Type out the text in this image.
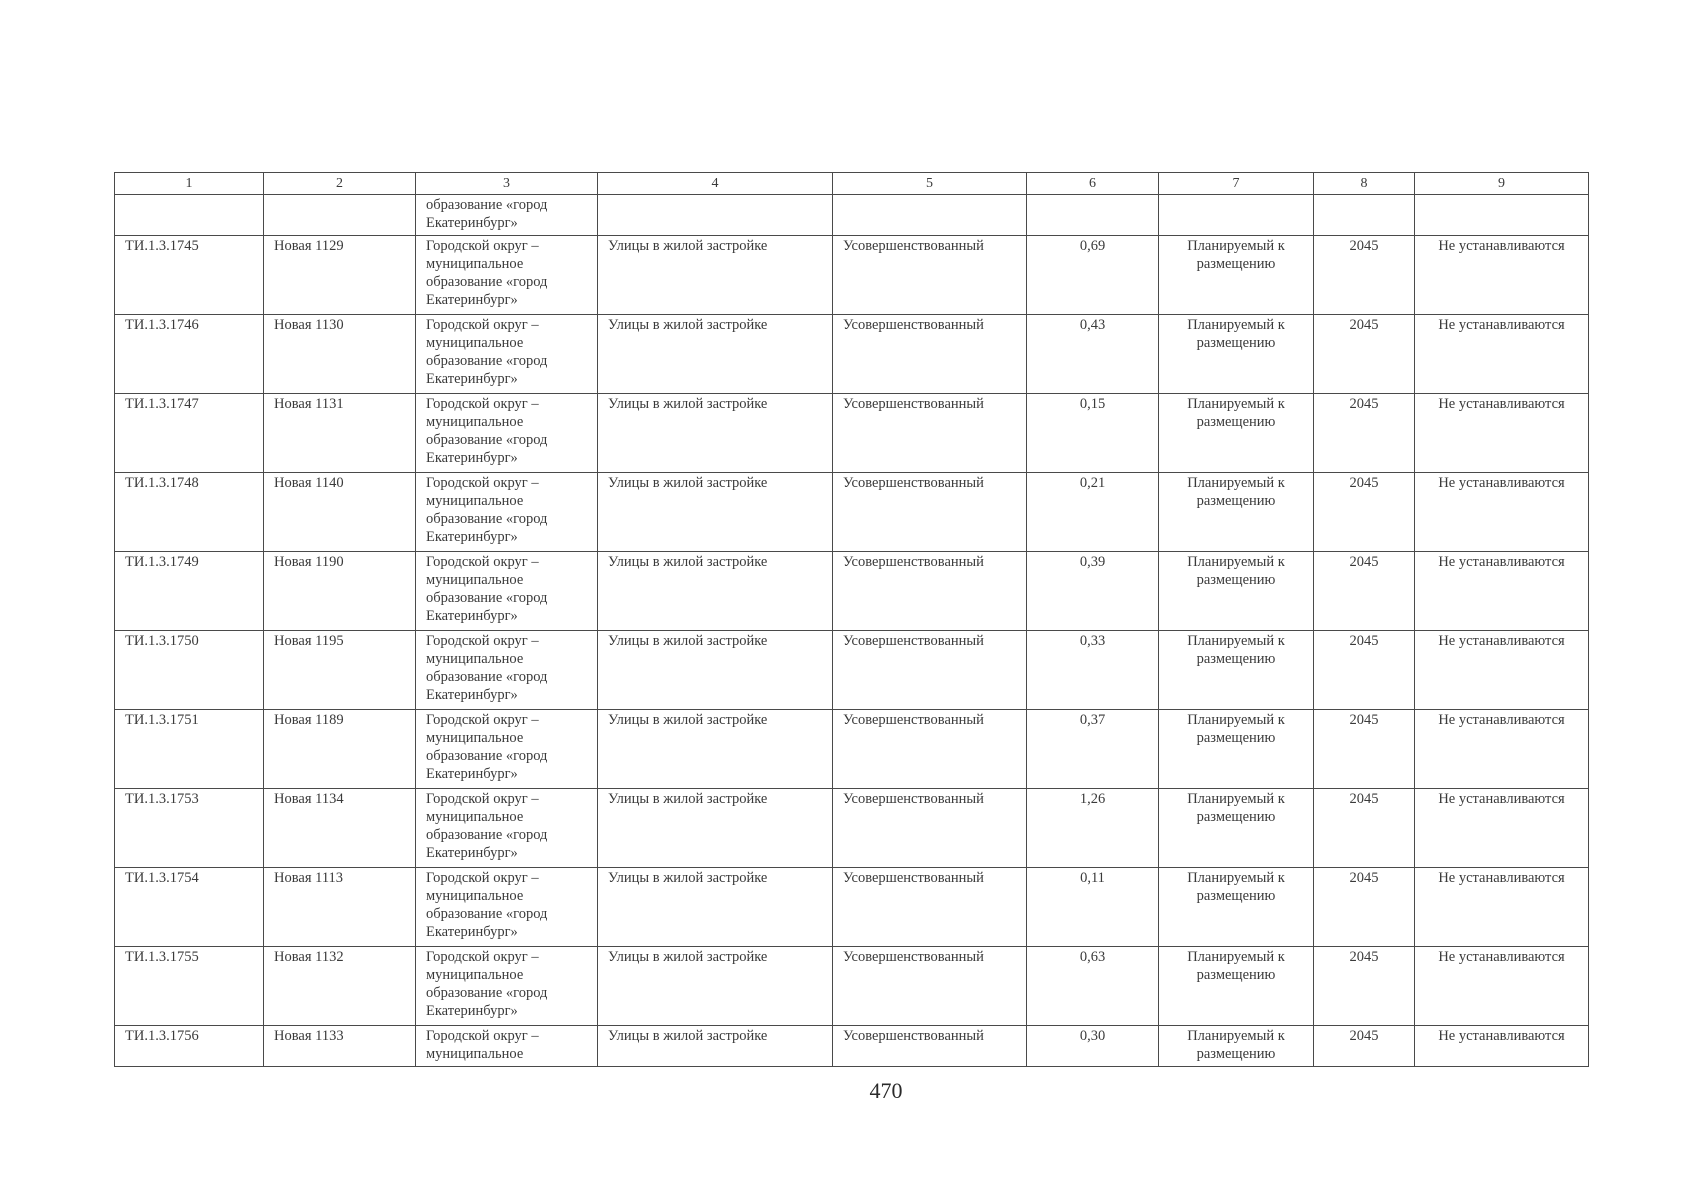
1	2	3	4	5	6	7	8	9
		образование «город Екатеринбург»						
ТИ.1.3.1745	Новая 1129	Городской округ – муниципальное образование «город Екатеринбург»	Улицы в жилой застройке	Усовершенствованный	0,69	Планируемый к размещению	2045	Не устанавливаются
ТИ.1.3.1746	Новая 1130	Городской округ – муниципальное образование «город Екатеринбург»	Улицы в жилой застройке	Усовершенствованный	0,43	Планируемый к размещению	2045	Не устанавливаются
ТИ.1.3.1747	Новая 1131	Городской округ – муниципальное образование «город Екатеринбург»	Улицы в жилой застройке	Усовершенствованный	0,15	Планируемый к размещению	2045	Не устанавливаются
ТИ.1.3.1748	Новая 1140	Городской округ – муниципальное образование «город Екатеринбург»	Улицы в жилой застройке	Усовершенствованный	0,21	Планируемый к размещению	2045	Не устанавливаются
ТИ.1.3.1749	Новая 1190	Городской округ – муниципальное образование «город Екатеринбург»	Улицы в жилой застройке	Усовершенствованный	0,39	Планируемый к размещению	2045	Не устанавливаются
ТИ.1.3.1750	Новая 1195	Городской округ – муниципальное образование «город Екатеринбург»	Улицы в жилой застройке	Усовершенствованный	0,33	Планируемый к размещению	2045	Не устанавливаются
ТИ.1.3.1751	Новая 1189	Городской округ – муниципальное образование «город Екатеринбург»	Улицы в жилой застройке	Усовершенствованный	0,37	Планируемый к размещению	2045	Не устанавливаются
ТИ.1.3.1753	Новая 1134	Городской округ – муниципальное образование «город Екатеринбург»	Улицы в жилой застройке	Усовершенствованный	1,26	Планируемый к размещению	2045	Не устанавливаются
ТИ.1.3.1754	Новая 1113	Городской округ – муниципальное образование «город Екатеринбург»	Улицы в жилой застройке	Усовершенствованный	0,11	Планируемый к размещению	2045	Не устанавливаются
ТИ.1.3.1755	Новая 1132	Городской округ – муниципальное образование «город Екатеринбург»	Улицы в жилой застройке	Усовершенствованный	0,63	Планируемый к размещению	2045	Не устанавливаются
ТИ.1.3.1756	Новая 1133	Городской округ – муниципальное	Улицы в жилой застройке	Усовершенствованный	0,30	Планируемый к размещению	2045	Не устанавливаются
470
